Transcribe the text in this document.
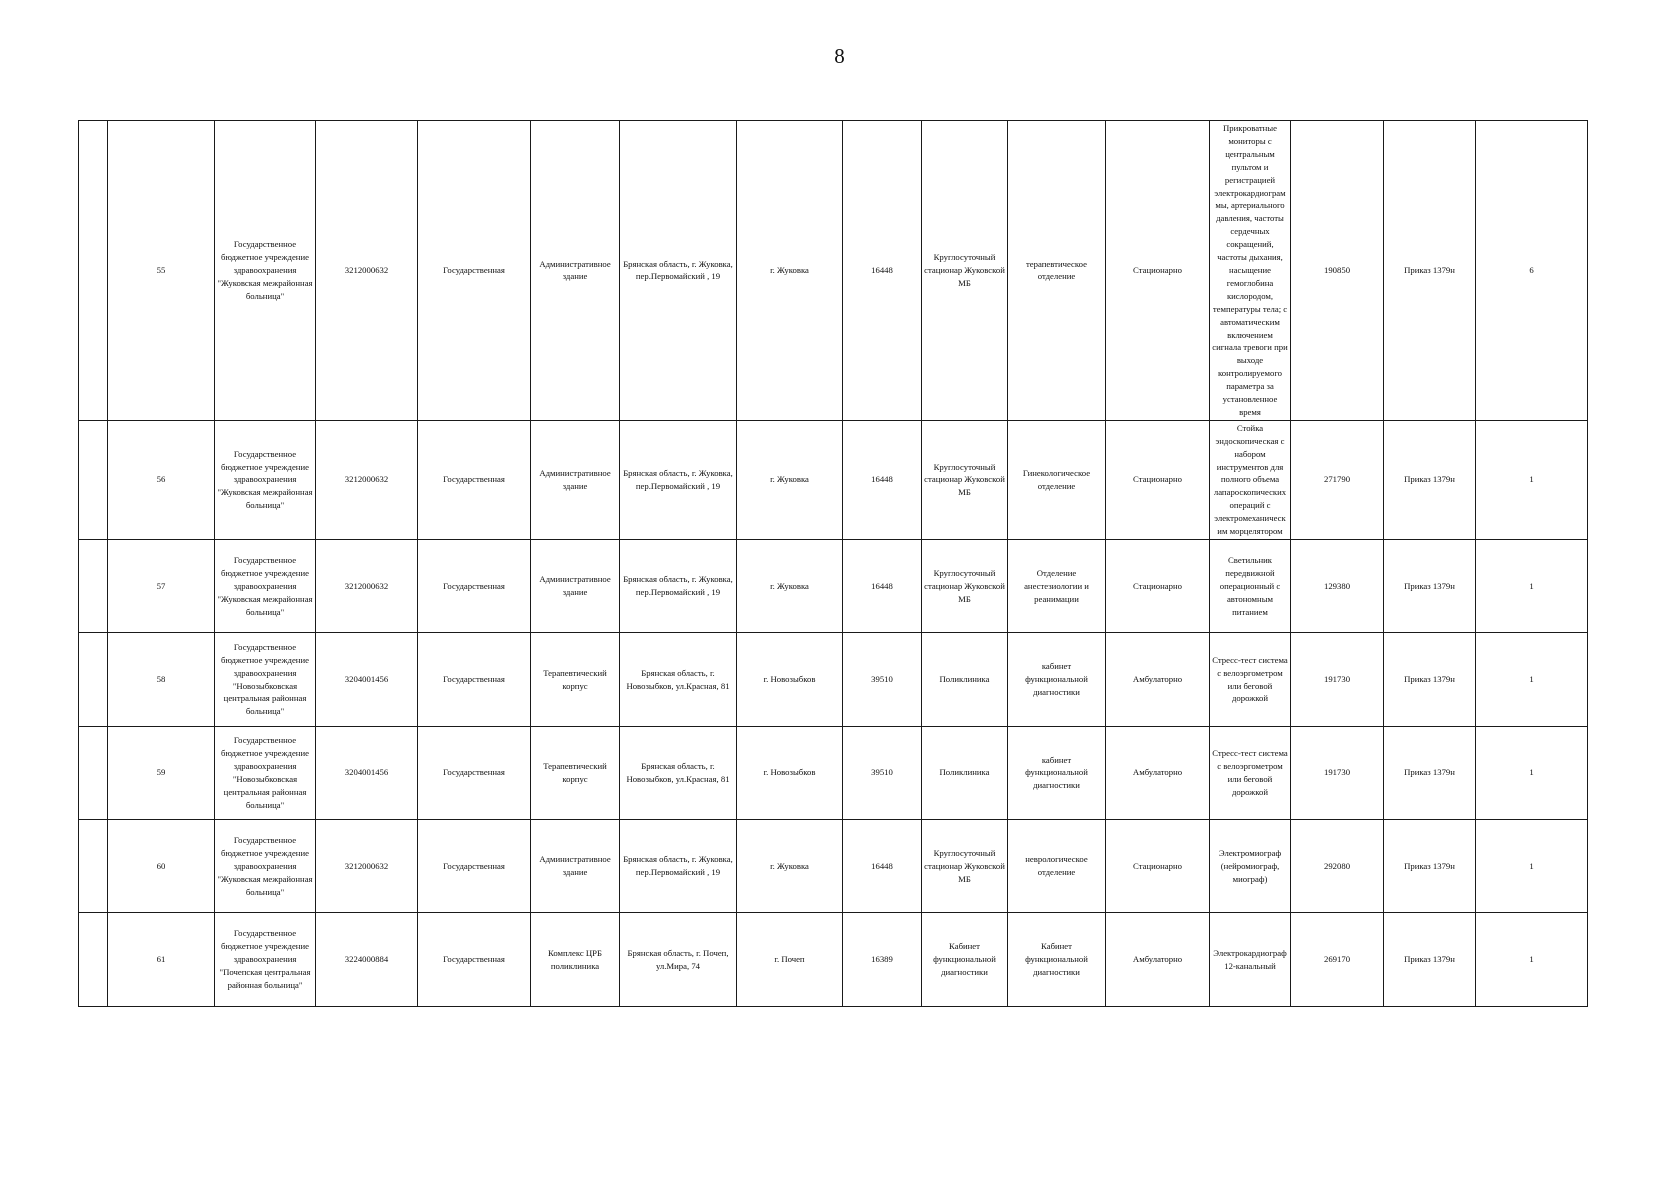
8
	55	Государственное бюджетное учреждение здравоохранения "Жуковская межрайонная больница"	3212000632	Государственная	Административное здание	Брянская область, г. Жуковка, пер.Первомайский , 19	г. Жуковка	16448	Круглосуточный стационар Жуковской МБ	терапевтическое отделение	Стационарно	Прикроватные мониторы с центральным пультом и регистрацией электрокардиограммы, артериального давления, частоты сердечных сокращений, частоты дыхания, насыщение гемоглобина кислородом, температуры тела; с автоматическим включением сигнала тревоги при выходе контролируемого параметра за установленное время	190850	Приказ 1379н	6	
	56	Государственное бюджетное учреждение здравоохранения "Жуковская межрайонная больница"	3212000632	Государственная	Административное здание	Брянская область, г. Жуковка, пер.Первомайский , 19	г. Жуковка	16448	Круглосуточный стационар Жуковской МБ	Гинекологическое отделение	Стационарно	Стойка эндоскопическая с набором инструментов для полного объема лапароскопических операций с электромеханическим морцелятором	271790	Приказ 1379н	1	
	57	Государственное бюджетное учреждение здравоохранения "Жуковская межрайонная больница"	3212000632	Государственная	Административное здание	Брянская область, г. Жуковка, пер.Первомайский , 19	г. Жуковка	16448	Круглосуточный стационар Жуковской МБ	Отделение анестезиологии и реанимации	Стационарно	Светильник передвижной операционный с автономным питанием	129380	Приказ 1379н	1	
	58	Государственное бюджетное учреждение здравоохранения "Новозыбковская центральная районная больница"	3204001456	Государственная	Терапевтический корпус	Брянская область, г. Новозыбков, ул.Красная, 81	г. Новозыбков	39510	Поликлиника	кабинет функциональной диагностики	Амбулаторно	Стресс-тест система с велоэргометром или беговой дорожкой	191730	Приказ 1379н	1	
	59	Государственное бюджетное учреждение здравоохранения "Новозыбковская центральная районная больница"	3204001456	Государственная	Терапевтический корпус	Брянская область, г. Новозыбков, ул.Красная, 81	г. Новозыбков	39510	Поликлиника	кабинет функциональной диагностики	Амбулаторно	Стресс-тест система с велоэргометром или беговой дорожкой	191730	Приказ 1379н	1	
	60	Государственное бюджетное учреждение здравоохранения "Жуковская межрайонная больница"	3212000632	Государственная	Административное здание	Брянская область, г. Жуковка, пер.Первомайский , 19	г. Жуковка	16448	Круглосуточный стационар Жуковской МБ	неврологическое отделение	Стационарно	Электромиограф (нейромиограф, миограф)	292080	Приказ 1379н	1	
	61	Государственное бюджетное учреждение здравоохранения "Почепская центральная районная больница"	3224000884	Государственная	Комплекс ЦРБ поликлиника	Брянская область, г. Почеп, ул.Мира, 74	г. Почеп	16389	Кабинет функциональной диагностики	Кабинет функциональной диагностики	Амбулаторно	Электрокардиограф 12-канальный	269170	Приказ 1379н	1	
